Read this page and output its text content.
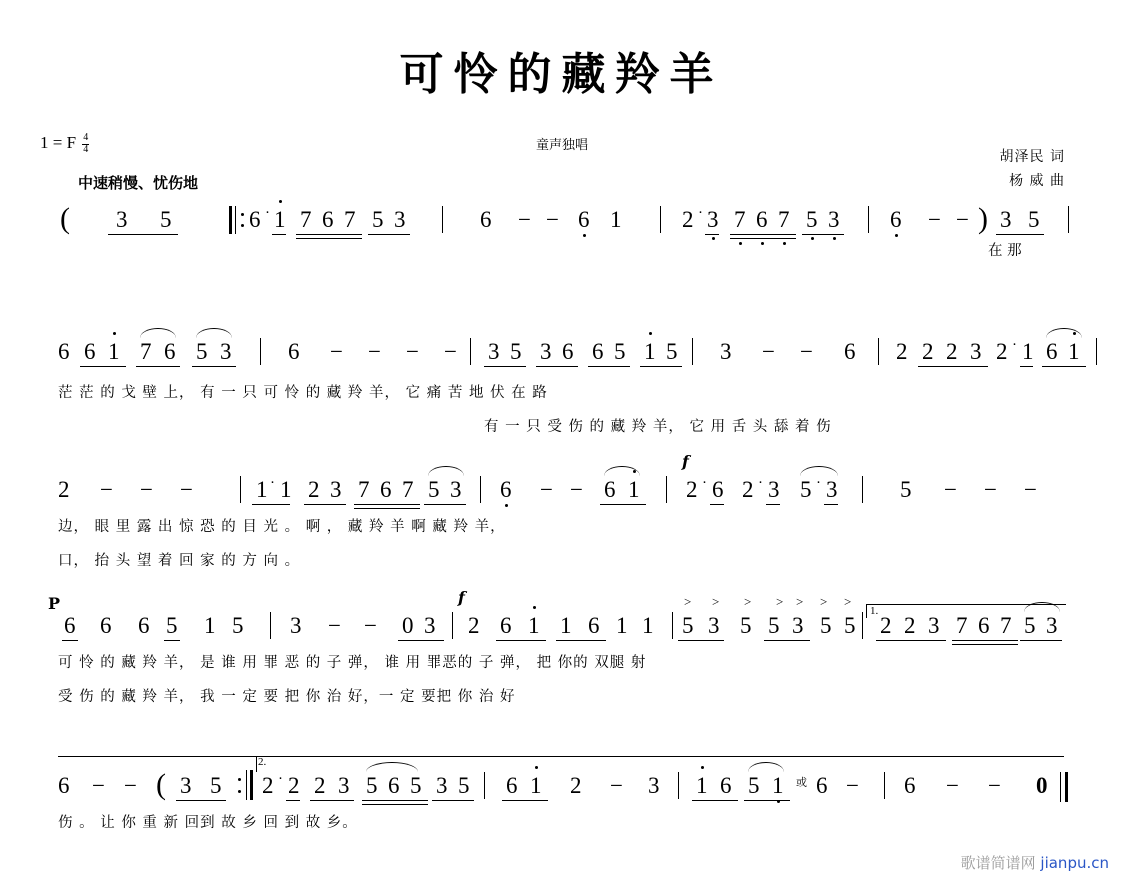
可怜的藏羚羊
1 = F $\frac{4}{4}$
中速稍慢、忧伤地
童声独唱
胡泽民 词
杨 威 曲
( 3 5	6 · 1 7 6 7 5 3	6 − − 6 1	2 · 3 7 6 7 5 3 6 − − ) 3 5
在 那
6 6 1 7 6 5 3 6 − − − − 3 5 3 6 6 5 1 5 3 − − 6 2 2 2 3 2 · 1 6 1
茫 茫 的 戈 壁 上， 有 一 只 可 怜 的 藏 羚 羊， 它 痛 苦 地 伏 在 路
有 一 只 受 伤 的 藏 羚 羊， 它 用 舌 头 舔 着 伤
2 − − −	1 · 1 2 3 7 6 7 5 3 6 − − 6 1
f
2 · 6 2 · 3 5 · 3	5 − − −
边， 眼 里 露 出 惊 恐 的 目 光 。 啊 ， 藏 羚 羊 啊 藏 羚 羊，
口， 抬 头 望 着 回 家 的 方 向 。
P
6 6 6 5 1 5 3 − − 0 3
f
2 6 1 1 6 1 1
> > > > > > >
5 3 5 5 3 5 5
1.
2 2 3 7 6 7 5 3
可 怜 的 藏 羚 羊， 是 谁 用 罪 恶 的 子 弹， 谁 用 罪恶的 子 弹， 把 你的 双腿 射
受 伤 的 藏 羚 羊， 我 一 定 要 把 你 治 好，一 定 要把 你 治 好
6 − − ( 3 5
2.
2 · 2 2 3 5 6 5 3 5 6 1 2 − 3 1 6 5 1 或 6 − 6 − − 0
伤 。 让 你 重 新 回到 故 乡 回 到 故 乡。
歌谱简谱网 jianpu.cn
